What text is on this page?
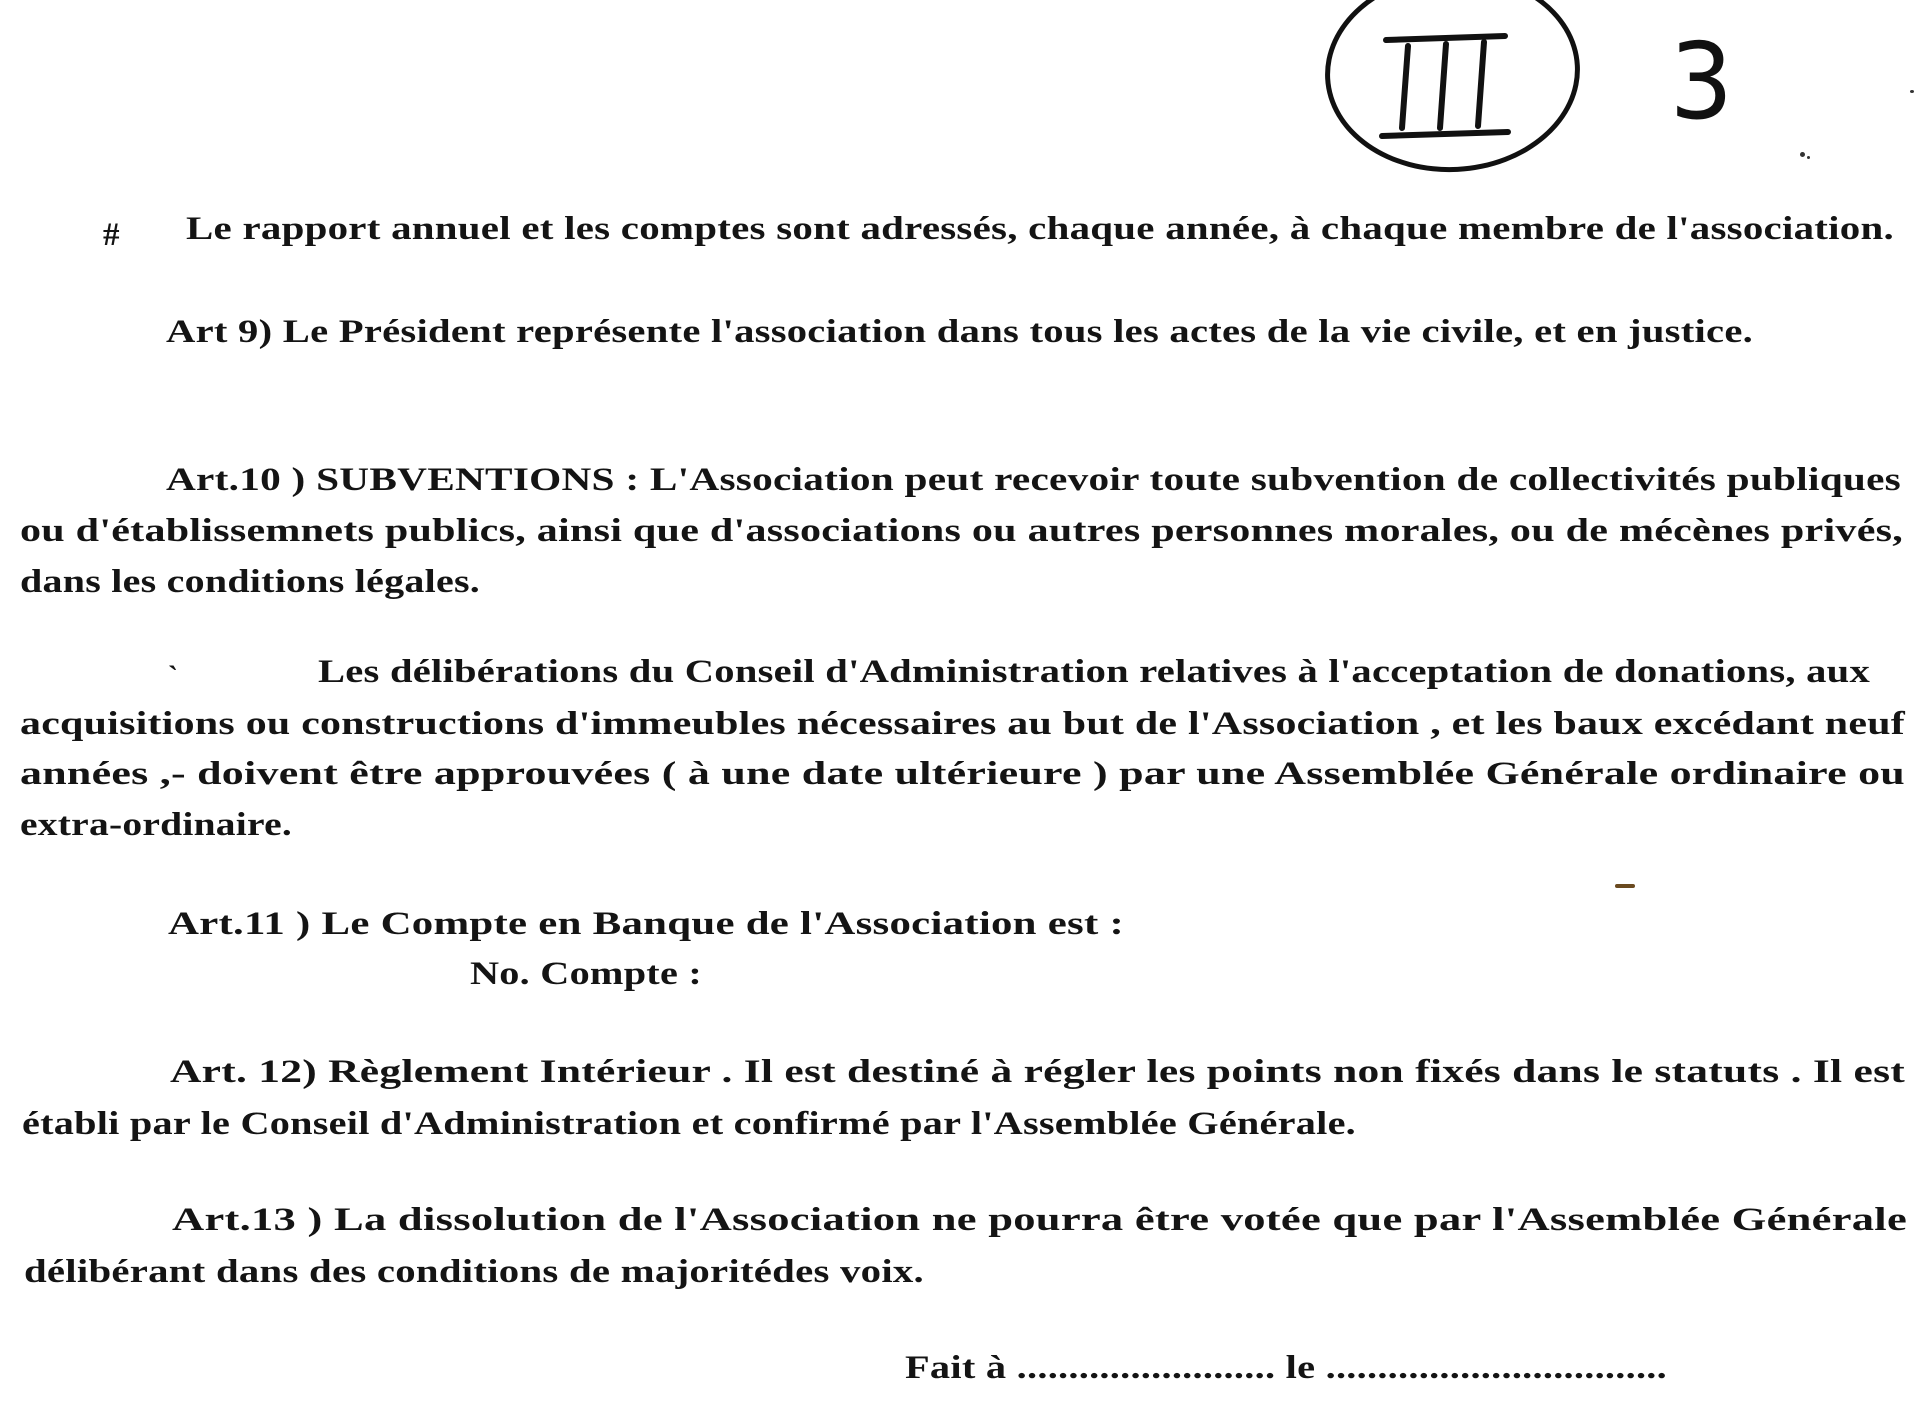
3
# Le rapport annuel et les comptes sont adressés, chaque année, à chaque membre de l'association.
Art 9) Le Président représente l'association dans tous les actes de la vie civile, et en justice.
Art.10 ) SUBVENTIONS : L'Association peut recevoir toute subvention de collectivités publiques
ou d'établissemnets publics, ainsi que d'associations ou autres personnes morales, ou de mécènes privés,
dans les conditions légales.
`	Les délibérations du Conseil d'Administration relatives à l'acceptation de donations, aux
acquisitions ou constructions d'immeubles nécessaires au but de l'Association , et les baux excédant neuf
années ,- doivent être approuvées ( à une date ultérieure ) par une Assemblée Générale ordinaire ou
extra-ordinaire.
Art.11 ) Le Compte en Banque de l'Association est :
No. Compte :
Art. 12) Règlement Intérieur . Il est destiné à régler les points non fixés dans le statuts . Il est
établi par le Conseil d'Administration et confirmé par l'Assemblée Générale.
Art.13 ) La dissolution de l'Association ne pourra être votée que par l'Assemblée Générale
délibérant dans des conditions de majoritédes voix.
Fait à ......................... le .................................
